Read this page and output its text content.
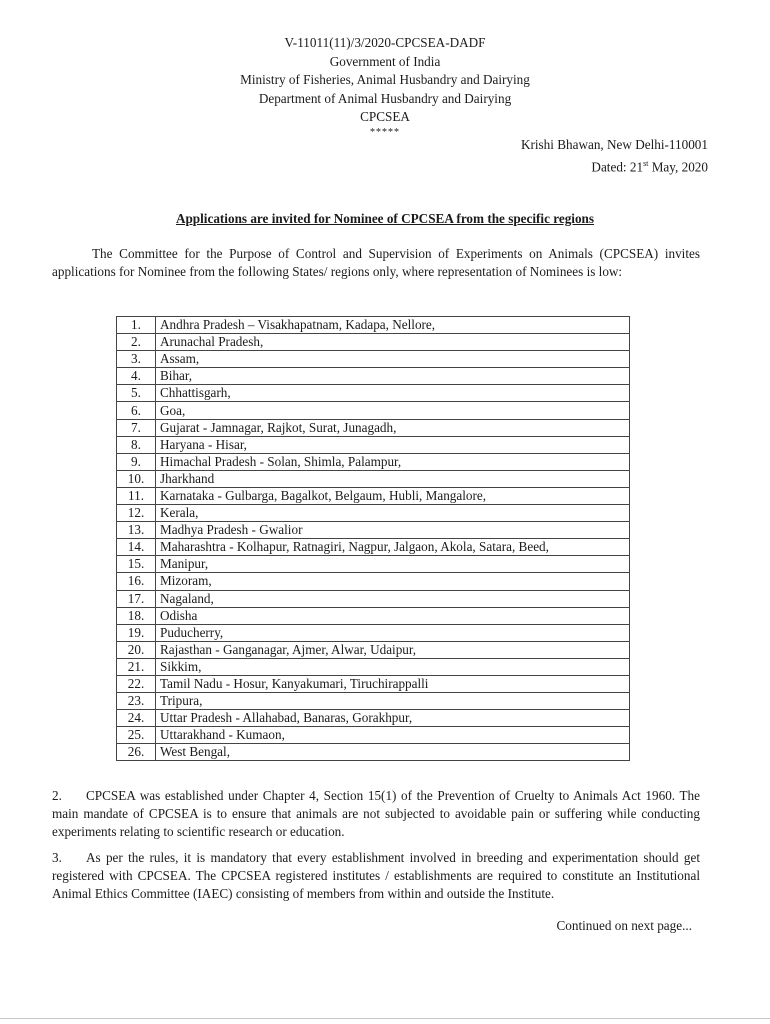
V-11011(11)/3/2020-CPCSEA-DADF
Government of India
Ministry of Fisheries, Animal Husbandry and Dairying
Department of Animal Husbandry and Dairying
CPCSEA
*****
Krishi Bhawan, New Delhi-110001
Dated: 21st May, 2020
Applications are invited for Nominee of CPCSEA from the specific regions
The Committee for the Purpose of Control and Supervision of Experiments on Animals (CPCSEA) invites applications for Nominee from the following States/ regions only, where representation of Nominees is low:
1.	Andhra Pradesh – Visakhapatnam, Kadapa, Nellore,
2.	Arunachal Pradesh,
3.	Assam,
4.	Bihar,
5.	Chhattisgarh,
6.	Goa,
7.	Gujarat - Jamnagar, Rajkot, Surat, Junagadh,
8.	Haryana - Hisar,
9.	Himachal Pradesh - Solan, Shimla, Palampur,
10.	Jharkhand
11.	Karnataka - Gulbarga, Bagalkot, Belgaum, Hubli, Mangalore,
12.	Kerala,
13.	Madhya Pradesh - Gwalior
14.	Maharashtra - Kolhapur, Ratnagiri, Nagpur, Jalgaon, Akola, Satara, Beed,
15.	Manipur,
16.	Mizoram,
17.	Nagaland,
18.	Odisha
19.	Puducherry,
20.	Rajasthan - Ganganagar, Ajmer, Alwar, Udaipur,
21.	Sikkim,
22.	Tamil Nadu - Hosur, Kanyakumari, Tiruchirappalli
23.	Tripura,
24.	Uttar Pradesh - Allahabad, Banaras, Gorakhpur,
25.	Uttarakhand - Kumaon,
26.	West Bengal,
2. CPCSEA was established under Chapter 4, Section 15(1) of the Prevention of Cruelty to Animals Act 1960. The main mandate of CPCSEA is to ensure that animals are not subjected to avoidable pain or suffering while conducting experiments relating to scientific research or education.
3. As per the rules, it is mandatory that every establishment involved in breeding and experimentation should get registered with CPCSEA. The CPCSEA registered institutes / establishments are required to constitute an Institutional Animal Ethics Committee (IAEC) consisting of members from within and outside the Institute.
Continued on next page...
